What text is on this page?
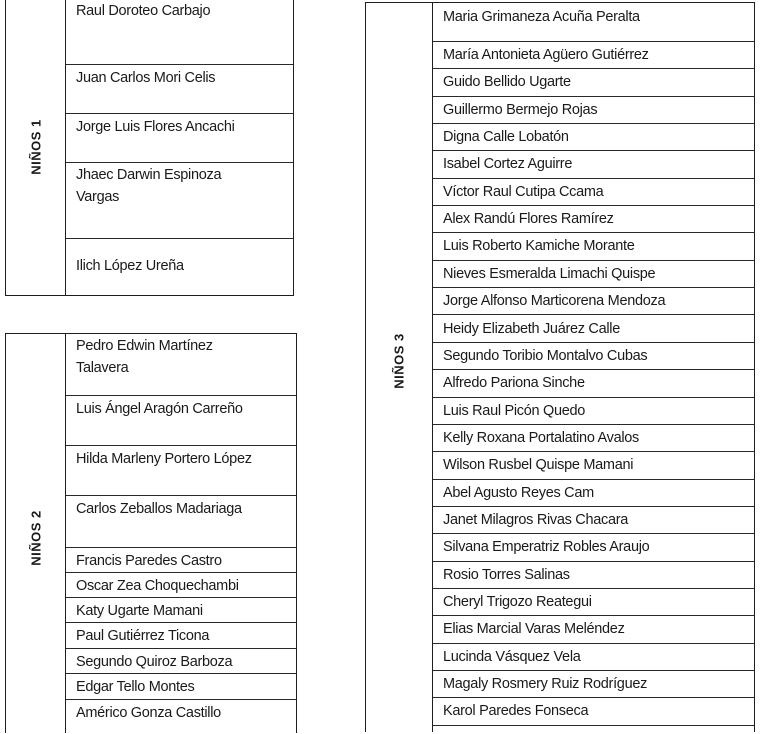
NIÑOS 1
Raul Doroteo Carbajo
Juan Carlos Mori Celis
Jorge Luis Flores Ancachi
Jhaec Darwin Espinoza Vargas
Ilich López Ureña
NIÑOS 2
Pedro Edwin Martínez Talavera
Luis Ángel Aragón Carreño
Hilda Marleny Portero López
Carlos Zeballos Madariaga
Francis Paredes Castro
Oscar Zea Choquechambi
Katy Ugarte Mamani
Paul Gutiérrez Ticona
Segundo Quiroz Barboza
Edgar Tello Montes
Américo Gonza Castillo
NIÑOS 3
Maria Grimaneza Acuña Peralta
María Antonieta Agüero Gutiérrez
Guido Bellido Ugarte
Guillermo Bermejo Rojas
Digna Calle Lobatón
Isabel Cortez Aguirre
Víctor Raul Cutipa Ccama
Alex Randú Flores Ramírez
Luis Roberto Kamiche Morante
Nieves Esmeralda Limachi Quispe
Jorge Alfonso Marticorena Mendoza
Heidy Elizabeth Juárez Calle
Segundo Toribio Montalvo Cubas
Alfredo Pariona Sinche
Luis Raul Picón Quedo
Kelly Roxana Portalatino Avalos
Wilson Rusbel Quispe Mamani
Abel Agusto Reyes Cam
Janet Milagros Rivas Chacara
Silvana Emperatriz Robles Araujo
Rosio Torres Salinas
Cheryl Trigozo Reategui
Elias Marcial Varas Meléndez
Lucinda Vásquez Vela
Magaly Rosmery Ruiz Rodríguez
Karol Paredes Fonseca
